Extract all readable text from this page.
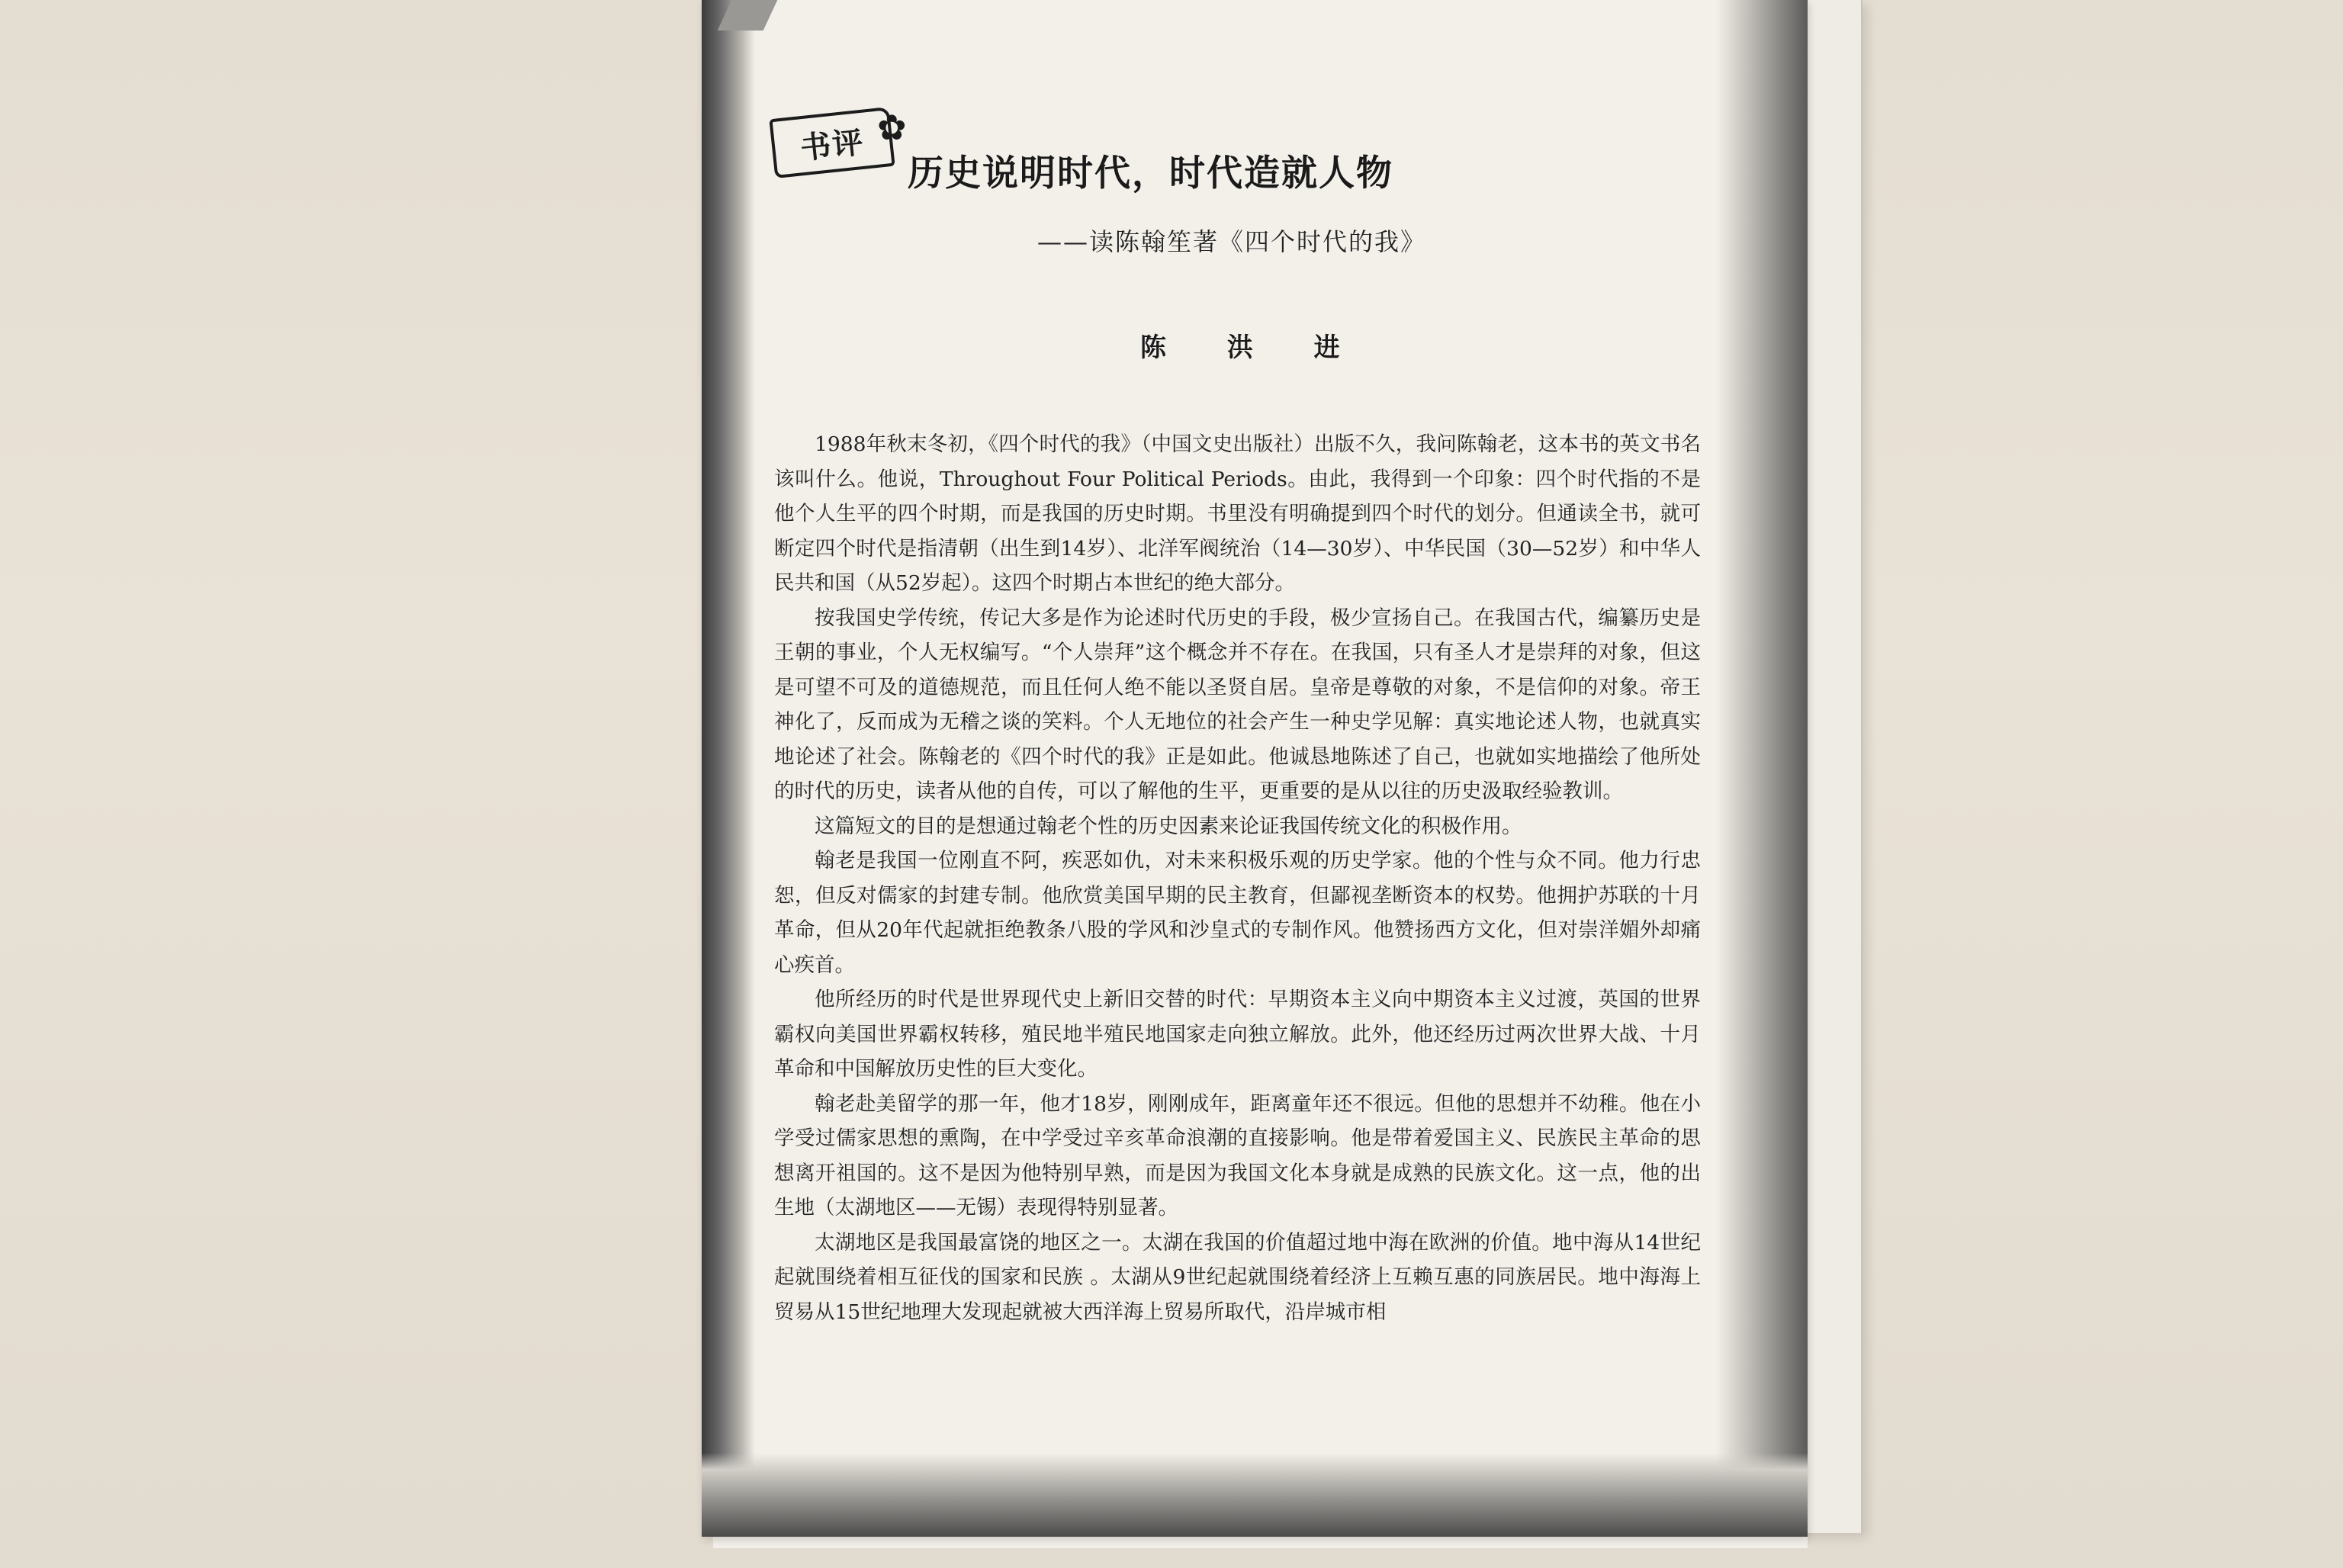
书评 ✿
历史说明时代，时代造就人物
——读陈翰笙著《四个时代的我》
陈 洪 进

1988年秋末冬初，《四个时代的我》（中国文史出版社）出版不久，我问陈翰老，这本书的英文书名该叫什么。他说，Throughout Four Political Periods。由此，我得到一个印象：四个时代指的不是他个人生平的四个时期，而是我国的历史时期。书里没有明确提到四个时代的划分。但通读全书，就可断定四个时代是指清朝（出生到14岁）、北洋军阀统治（14—30岁）、中华民国（30—52岁）和中华人民共和国（从52岁起）。这四个时期占本世纪的绝大部分。

按我国史学传统，传记大多是作为论述时代历史的手段，极少宣扬自己。在我国古代，编纂历史是王朝的事业，个人无权编写。“个人崇拜”这个概念并不存在。在我国，只有圣人才是崇拜的对象，但这是可望不可及的道德规范，而且任何人绝不能以圣贤自居。皇帝是尊敬的对象，不是信仰的对象。帝王神化了，反而成为无稽之谈的笑料。个人无地位的社会产生一种史学见解：真实地论述人物，也就真实地论述了社会。陈翰老的《四个时代的我》正是如此。他诚恳地陈述了自己，也就如实地描绘了他所处的时代的历史，读者从他的自传，可以了解他的生平，更重要的是从以往的历史汲取经验教训。

这篇短文的目的是想通过翰老个性的历史因素来论证我国传统文化的积极作用。

翰老是我国一位刚直不阿，疾恶如仇，对未来积极乐观的历史学家。他的个性与众不同。他力行忠恕，但反对儒家的封建专制。他欣赏美国早期的民主教育，但鄙视垄断资本的权势。他拥护苏联的十月革命，但从20年代起就拒绝教条八股的学风和沙皇式的专制作风。他赞扬西方文化，但对崇洋媚外却痛心疾首。

他所经历的时代是世界现代史上新旧交替的时代：早期资本主义向中期资本主义过渡，英国的世界霸权向美国世界霸权转移，殖民地半殖民地国家走向独立解放。此外，他还经历过两次世界大战、十月革命和中国解放历史性的巨大变化。

翰老赴美留学的那一年，他才18岁，刚刚成年，距离童年还不很远。但他的思想并不幼稚。他在小学受过儒家思想的熏陶，在中学受过辛亥革命浪潮的直接影响。他是带着爱国主义、民族民主革命的思想离开祖国的。这不是因为他特别早熟，而是因为我国文化本身就是成熟的民族文化。这一点，他的出生地（太湖地区——无锡）表现得特别显著。

太湖地区是我国最富饶的地区之一。太湖在我国的价值超过地中海在欧洲的价值。地中海从14世纪起就围绕着相互征伐的国家和民族 。太湖从9世纪起就围绕着经济上互赖互惠的同族居民。地中海海上贸易从15世纪地理大发现起就被大西洋海上贸易所取代，沿岸城市相
